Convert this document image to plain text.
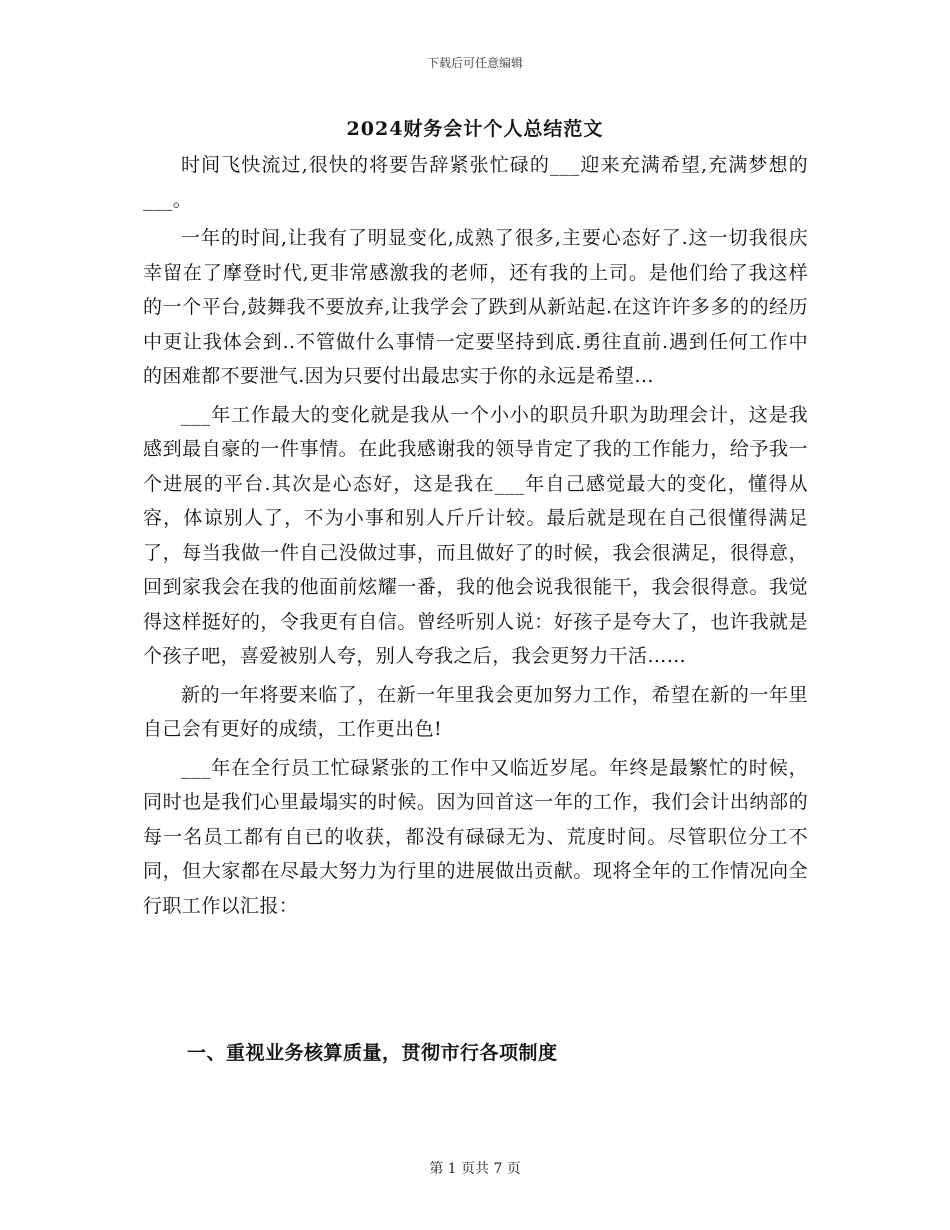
下载后可任意编辑
2024财务会计个人总结范文

时间飞快流过,很快的将要告辞紧张忙碌的___迎来充满希望,充满梦想的___。

一年的时间,让我有了明显变化,成熟了很多,主要心态好了.这一切我很庆幸留在了摩登时代,更非常感激我的老师，还有我的上司。是他们给了我这样的一个平台,鼓舞我不要放弃,让我学会了跌到从新站起.在这许许多多的的经历中更让我体会到..不管做什么事情一定要坚持到底.勇往直前.遇到任何工作中的困难都不要泄气.因为只要付出最忠实于你的永远是希望...

___年工作最大的变化就是我从一个小小的职员升职为助理会计，这是我感到最自豪的一件事情。在此我感谢我的领导肯定了我的工作能力，给予我一个进展的平台.其次是心态好，这是我在___年自己感觉最大的变化，懂得从容，体谅别人了，不为小事和别人斤斤计较。最后就是现在自己很懂得满足了，每当我做一件自己没做过事，而且做好了的时候，我会很满足，很得意，回到家我会在我的他面前炫耀一番，我的他会说我很能干，我会很得意。我觉得这样挺好的，令我更有自信。曾经听别人说：好孩子是夸大了，也许我就是个孩子吧，喜爱被别人夸，别人夸我之后，我会更努力干活……

新的一年将要来临了，在新一年里我会更加努力工作，希望在新的一年里自己会有更好的成绩，工作更出色!

___年在全行员工忙碌紧张的工作中又临近岁尾。年终是最繁忙的时候，同时也是我们心里最塌实的时候。因为回首这一年的工作，我们会计出纳部的每一名员工都有自已的收获，都没有碌碌无为、荒度时间。尽管职位分工不同，但大家都在尽最大努力为行里的进展做出贡献。现将全年的工作情况向全行职工作以汇报：

一、重视业务核算质量，贯彻市行各项制度
第 1 页共 7 页
